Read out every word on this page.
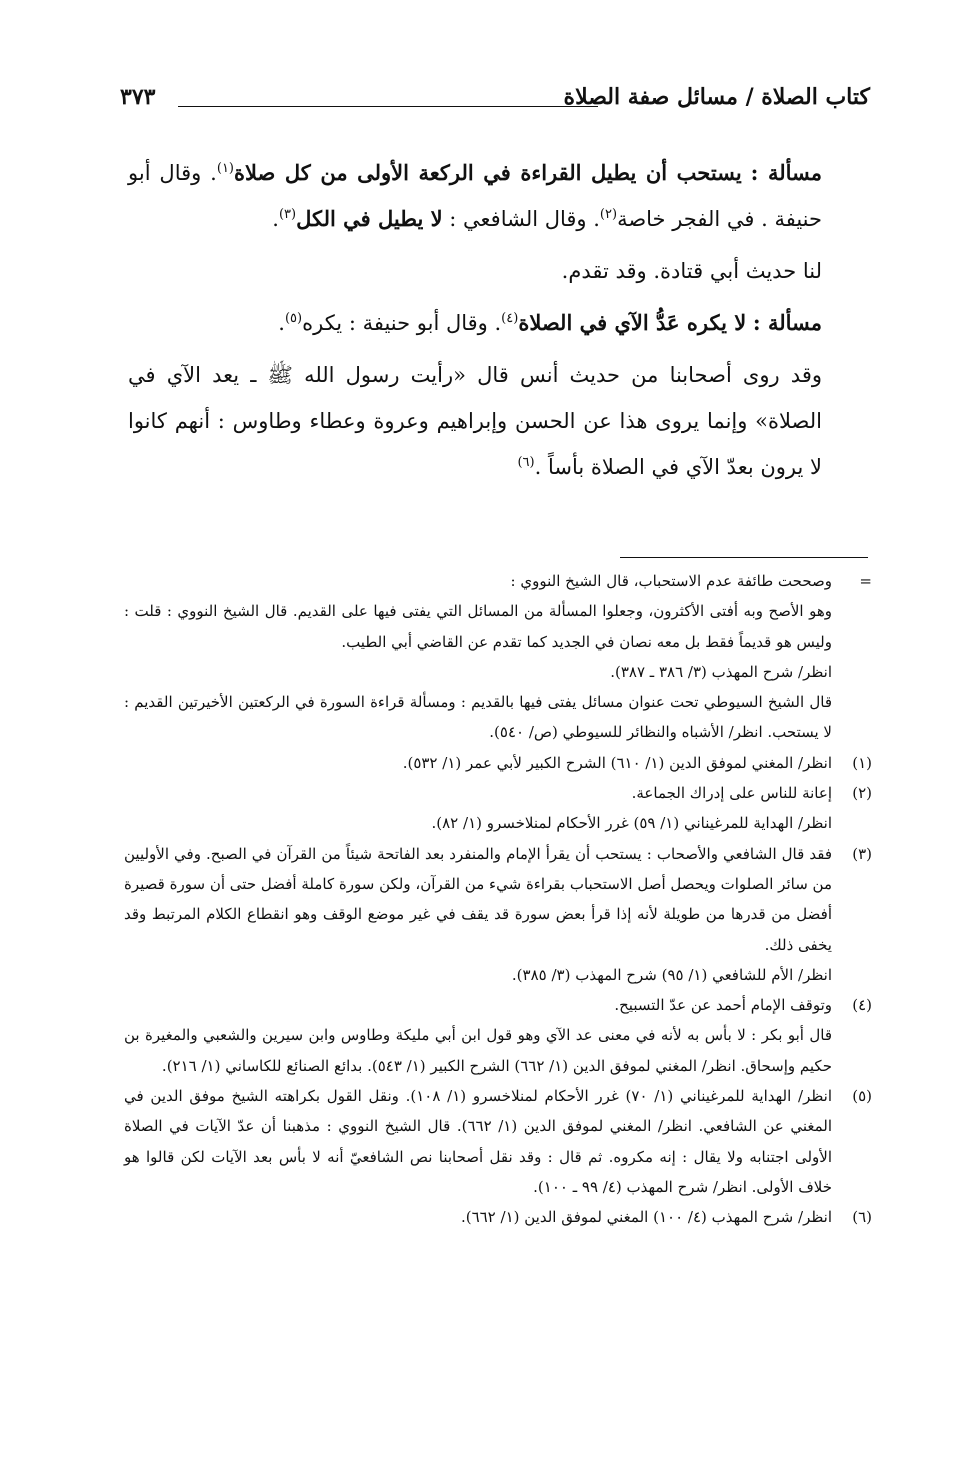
كتاب الصلاة / مسائل صفة الصلاة
٣٧٣

مسألة : يستحب أن يطيل القراءة في الركعة الأولى من كل صلاة$^{(١)}$. وقال أبو حنيفة . في الفجر خاصة$^{(٢)}$. وقال الشافعي : لا يطيل في الكل$^{(٣)}$.

لنا حديث أبي قتادة. وقد تقدم.

مسألة : لا يكره عَدُّ الآي في الصلاة$^{(٤)}$. وقال أبو حنيفة : يكره$^{(٥)}$.

وقد روى أصحابنا من حديث أنس قال «رأيت رسول الله ﷺ ـ يعد الآي في الصلاة» وإنما يروى هذا عن الحسن وإبراهيم وعروة وعطاء وطاوس : أنهم كانوا لا يرون بعدّ الآي في الصلاة بأساً .$^{(٦)}$

=

وصححت طائفة عدم الاستحباب، قال الشيخ النووي :

وهو الأصح وبه أفتى الأكثرون، وجعلوا المسألة من المسائل التي يفتى فيها على القديم. قال الشيخ النووي : قلت : وليس هو قديماً فقط بل معه نصان في الجديد كما تقدم عن القاضي أبي الطيب.

انظر/ شرح المهذب (٣/ ٣٨٦ ـ ٣٨٧).

قال الشيخ السيوطي تحت عنوان مسائل يفتى فيها بالقديم : ومسألة قراءة السورة في الركعتين الأخيرتين القديم : لا يستحب. انظر/ الأشباه والنظائر للسيوطي (ص/ ٥٤٠).

(١)

انظر/ المغني لموفق الدين (١/ ٦١٠) الشرح الكبير لأبي عمر (١/ ٥٣٢).

(٢)

إعانة للناس على إدراك الجماعة.

انظر/ الهداية للمرغيناني (١/ ٥٩) غرر الأحكام لمنلاخسرو (١/ ٨٢).

(٣)

فقد قال الشافعي والأصحاب : يستحب أن يقرأ الإمام والمنفرد بعد الفاتحة شيئاً من القرآن في الصبح. وفي الأوليين من سائر الصلوات ويحصل أصل الاستحباب بقراءة شيء من القرآن، ولكن سورة كاملة أفضل حتى أن سورة قصيرة أفضل من قدرها من طويلة لأنه إذا قرأ بعض سورة قد يقف في غير موضع الوقف وهو انقطاع الكلام المرتبط وقد يخفى ذلك.

انظر/ الأم للشافعي (١/ ٩٥) شرح المهذب (٣/ ٣٨٥).

(٤)

وتوقف الإمام أحمد عن عدّ التسبيح.

قال أبو بكر : لا بأس به لأنه في معنى عد الآي وهو قول ابن أبي مليكة وطاوس وابن سيرين والشعبي والمغيرة بن حكيم وإسحاق. انظر/ المغني لموفق الدين (١/ ٦٦٢) الشرح الكبير (١/ ٥٤٣). بدائع الصنائع للكاساني (١/ ٢١٦).

(٥)

انظر/ الهداية للمرغيناني (١/ ٧٠) غرر الأحكام لمنلاخسرو (١/ ١٠٨). ونقل القول بكراهته الشيخ موفق الدين في المغني عن الشافعي. انظر/ المغني لموفق الدين (١/ ٦٦٢). قال الشيخ النووي : مذهبنا أن عدّ الآيات في الصلاة الأولى اجتنابه ولا يقال : إنه مكروه. ثم قال : وقد نقل أصحابنا نص الشافعيّ أنه لا بأس بعد الآيات لكن قالوا هو خلاف الأولى. انظر/ شرح المهذب (٤/ ٩٩ ـ ١٠٠).

(٦)

انظر/ شرح المهذب (٤/ ١٠٠) المغني لموفق الدين (١/ ٦٦٢).
